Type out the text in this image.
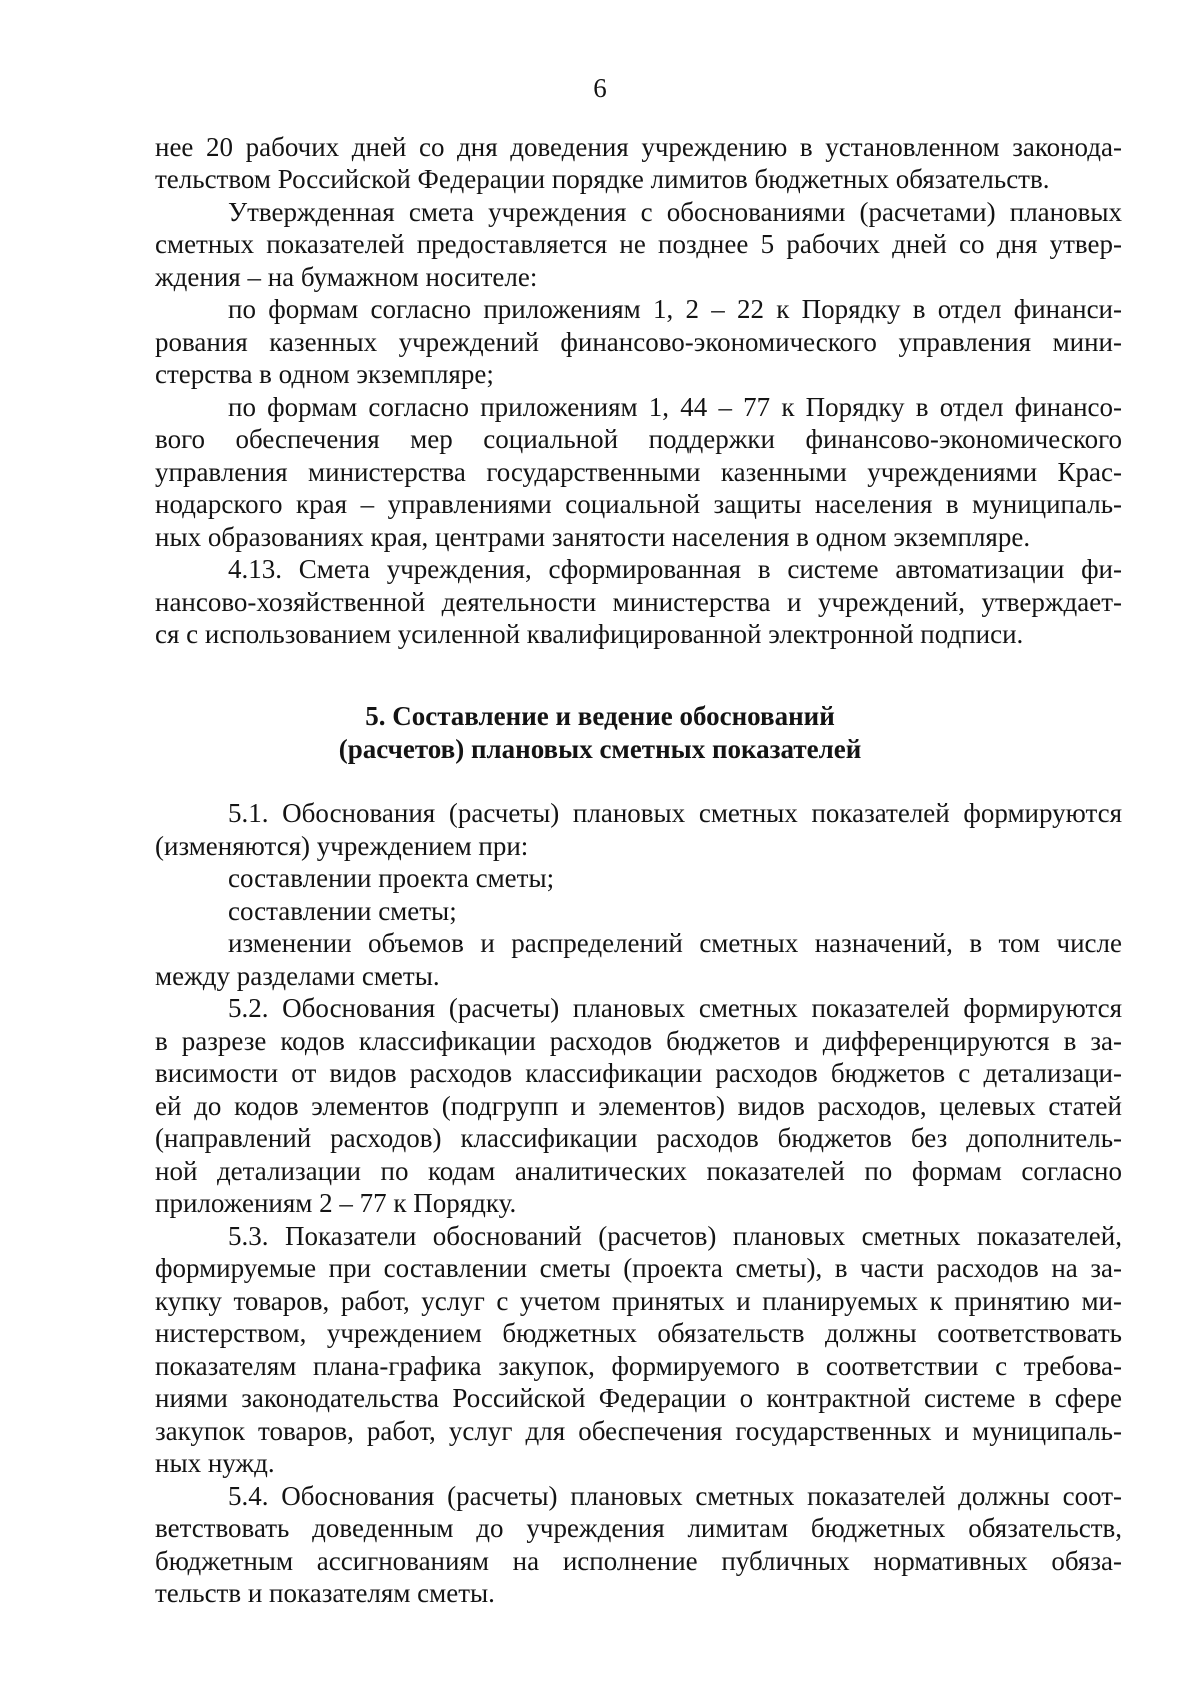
6
нее 20 рабочих дней со дня доведения учреждению в установленном законода-
тельством Российской Федерации порядке лимитов бюджетных обязательств.
Утвержденная смета учреждения с обоснованиями (расчетами) плановых
сметных показателей предоставляется не позднее 5 рабочих дней со дня утвер-
ждения – на бумажном носителе:
по формам согласно приложениям 1, 2 – 22 к Порядку в отдел финанси-
рования казенных учреждений финансово-экономического управления мини-
стерства в одном экземпляре;
по формам согласно приложениям 1, 44 – 77 к Порядку в отдел финансо-
вого обеспечения мер социальной поддержки финансово-экономического
управления министерства государственными казенными учреждениями Крас-
нодарского края – управлениями социальной защиты населения в муниципаль-
ных образованиях края, центрами занятости населения в одном экземпляре.
4.13. Смета учреждения, сформированная в системе автоматизации фи-
нансово-хозяйственной деятельности министерства и учреждений, утверждает-
ся с использованием усиленной квалифицированной электронной подписи.
5. Составление и ведение обоснований
(расчетов) плановых сметных показателей
5.1. Обоснования (расчеты) плановых сметных показателей формируются
(изменяются) учреждением при:
составлении проекта сметы;
составлении сметы;
изменении объемов и распределений сметных назначений, в том числе
между разделами сметы.
5.2. Обоснования (расчеты) плановых сметных показателей формируются
в разрезе кодов классификации расходов бюджетов и дифференцируются в за-
висимости от видов расходов классификации расходов бюджетов с детализаци-
ей до кодов элементов (подгрупп и элементов) видов расходов, целевых статей
(направлений расходов) классификации расходов бюджетов без дополнитель-
ной детализации по кодам аналитических показателей по формам согласно
приложениям 2 – 77 к Порядку.
5.3. Показатели обоснований (расчетов) плановых сметных показателей,
формируемые при составлении сметы (проекта сметы), в части расходов на за-
купку товаров, работ, услуг с учетом принятых и планируемых к принятию ми-
нистерством, учреждением бюджетных обязательств должны соответствовать
показателям плана-графика закупок, формируемого в соответствии с требова-
ниями законодательства Российской Федерации о контрактной системе в сфере
закупок товаров, работ, услуг для обеспечения государственных и муниципаль-
ных нужд.
5.4. Обоснования (расчеты) плановых сметных показателей должны соот-
ветствовать доведенным до учреждения лимитам бюджетных обязательств,
бюджетным ассигнованиям на исполнение публичных нормативных обяза-
тельств и показателям сметы.
